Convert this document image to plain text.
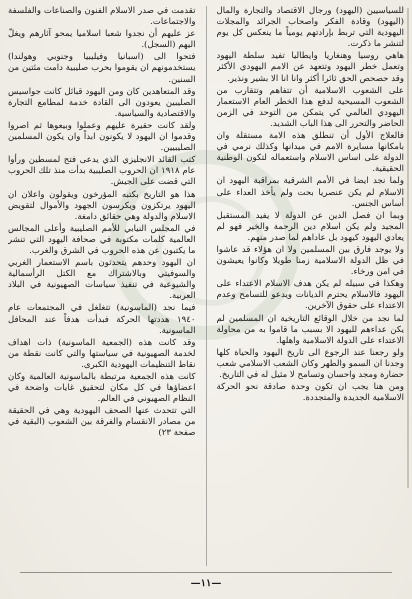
للسياسيين (اليهود) ورجال الاقتصاد والتجارة والمال (اليهود) وقادة الفكر واصحاب الجرائد والمجلات اليهودية التي تربط بإرادتهم يومياً ما ينعكس كل يوم لتنشر ما ذكرت.

هاهي روسيا وهنغاريا وايطاليا تفيد سلطة اليهود وتعمل خطر اليهود وتتعهد عن الامم اليهودي الأكثر وقد حصحص الحق ثائرا أكثر وانا انا الا بشير ونذير.

على الشعوب الاسلامية أن تتفاهم وتتقارب من الشعوب المسيحية لدفع هذا الخطر العام الاستعمار اليهودي العالمي كي يتمكن من التوحد في الزمن الحاضر والتحرر الى هذا الباب الشديد.

فالعلاج الأول أن تنطلق هذه الامة مستقلة وان بامكانها مسايرة الامم في ميدانها وكذلك نرمي في الدولة على اساس الاسلام واستعماله لتكون الوطنية الحقيقية.

ولما نجد ايضا في الأمم الشرقية بمراقبة اليهود ان الاسلام لم يكن عنصريا بحت ولم يأخذ العداء على أساس الجنس.

وبما ان فصل الدين عن الدولة لا يفيد المستقبل المجيد ولم يكن اسلام دين الرحمة والخير فهو لم يعادي اليهود كيهود بل عاداهم لما صدر منهم.

ولا يوجد فارق بين المسلمين ولا ان هؤلاء قد عاشوا في ظل الدولة الاسلامية زمنا طويلا وكانوا يعيشون في امن ورخاء.

وهكذا في سبيله لم يكن هدف الاسلام الاعتداء على اليهود فالاسلام يحترم الديانات ويدعو للتسامح وعدم الاعتداء على حقوق الآخرين.

لما نجد من خلال الوقائع التاريخية ان المسلمين لم يكن عداءهم لليهود الا بسبب ما قاموا به من محاولة الاعتداء على الدولة الاسلامية واهلها.

ولو رجعنا عند الرجوع الى تاريخ اليهود والحياة كلها وجدنا ان السمو والطهر وكان الشعب الاسلامي شعب حضارة ومجد واحسان وتسامح لا مثيل له في التاريخ.

ومن هنا يجب ان تكون وحدة صادقة نحو الحركة الاسلامية الجديدة والمتجددة.

تقدمت في صدر الاسلام الفنون والصناعات والفلسفة والاجتماعات.

عز عليهم أن نجدوا شعبا اسلاميا يمحو آثارهم ويغلّ اليهم (السجل).

فتحوا الى (اسبانيا وفيليبيا وجنوبي وهولندا) يستخدمونهم ان يقوموا بحرب صليبية دامت مئتين من السنين.

وقد المتعاهدين كان ومن اليهود قبائل كانت جواسيس الصليبين يعودون الى القادة خدمة لمطامع التجارة والاقتصادية والسياسية.

ولقد كانت حقيرة عليهم وعملوا وبيعوها ثم اصروا وقدموا ان اليهود لا يكونون ابداً وان يكون المسلمين الصليبيين.

كتب القائد الانجليزي الذي يدعى فتح لمسطين ورأوا عام ١٩١٨ ان الحروب الصليبية بدأت منذ تلك الحروب التي قضت على الجيش.

هذا هو التاريخ بكتبه المؤرخون ويقولون واعلان ان اليهود يرتكزون ويكرسون الجهود والأموال لتقويض الاسلام والدولة وهي حقائق دامغة.

في المجلس النيابي للأمم الصليبية وأعلى المجالس العالمية كلمات مكتوبة في صحافة اليهود التي تنشر ما يكتبون عن هذه الحروب في الشرق والغرب.

ان اليهود وحدهم يتحدثون باسم الاستعمار الغربي والسوفيتي وبالاشتراك مع الكتل الرأسمالية والشيوعية في تنفيذ سياسات الصهيونية في البلاد العربية.

فيما نجد (الماسونية) تتغلغل في المجتمعات عام ١٩٤٠ هددتها الحركة فبدأت هدفاً عند المحافل الماسونية.

وقد كانت هذه (الجمعية الماسونية) ذات اهداف لخدمة الصهيونية في سياستها والتي كانت نقطة من نقاط التنظيمات اليهودية الكبرى.

كانت هذه الجمعية مرتبطة بالماسونية العالمية وكان اعضاؤها في كل مكان لتحقيق غايات واضحة في النظام الصهيوني في العالم.

التي تتحدث عنها الصحف اليهودية وهي في الحقيقة من مصادر الانقسام والفرقة بين الشعوب (البقية في صفحة ٢٣)

—١١—
